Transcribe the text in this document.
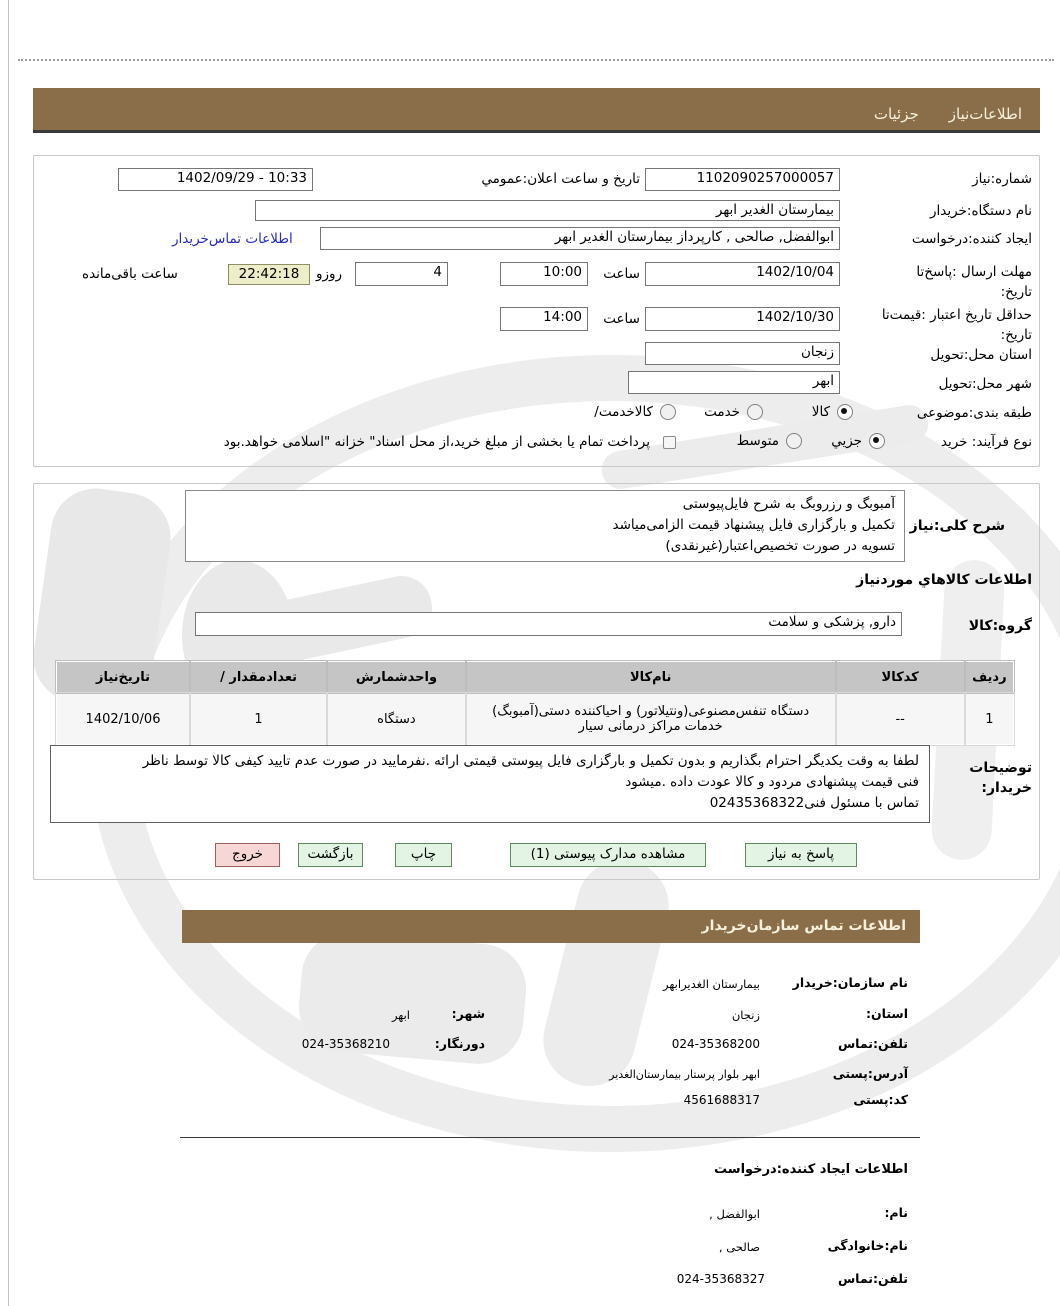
اطلاعات‌نیاز
جزئیات
شماره:نیاز
1102090257000057
تاریخ و ساعت اعلان:عمومي
1402/09/29 - 10:33
نام دستگاه:خریدار
بیمارستان الغدیر ابهر
ایجاد کننده:درخواست
ابوالفضل, صالحی , کارپرداز بیمارستان الغدیر ابهر
اطلاعات تماس‌خریدار
مهلت ارسال :پاسخ‌تا
تاریخ:
1402/10/04
ساعت
10:00
4
روزو
22:42:18
ساعت باقی‌مانده
حداقل تاریخ اعتبار :قیمت‌تا
تاریخ:
1402/10/30
ساعت
14:00
استان محل:تحویل
زنجان
شهر محل:تحویل
ابهر
طبقه بندی:موضوعی
کالا
خدمت
کالاخدمت/
نوع فرآیند: خرید
جزیي
متوسط
پرداخت تمام یا بخشی از مبلغ خرید،از محل اسناد" خزانه "اسلامی خواهد.بود
شرح کلی:نیاز
آمبوبگ و رزروبگ به شرح فایل‌پیوستی
تکمیل و بارگزاری فایل پیشنهاد قیمت الزامی‌میاشد
تسویه در صورت تخصیص‌اعتبار(غیرنقدی)
اطلاعات کالاهاي موردنیاز
گروه:کالا
دارو, پزشکی و سلامت
ردیف	کدکالا	نام‌کالا	واحدشمارش	تعدادمقدار /	تاریخ‌نیاز
1	--	دستگاه تنفس‌مصنوعی(ونتیلاتور) و احیاکننده دستی(آمبوبگ) خدمات مراکز درمانی سیار	دستگاه	1	1402/10/06
توضیحات
خریدار:
لطفا به وقت یکدیگر احترام بگذاریم و بدون تکمیل و بارگزاری فایل پیوستی قیمتی ارائه .نفرمایید در صورت عدم تایید کیفی کالا توسط ناظر
فنی قیمت پیشنهادی مردود و کالا عودت داده .میشود
تماس با مسئول فنی02435368322
پاسخ به نیاز
مشاهده مدارک پیوستی (1)
چاپ
بازگشت
خروج
اطلاعات تماس سازمان‌خریدار
نام سازمان:خریدار
بیمارستان الغدیرابهر
استان:
زنجان
شهر:
ابهر
تلفن:تماس
024-35368200
دورنگار:
024-35368210
آدرس:پستی
ابهر بلوار پرستار بیمارستان‌الغدیر
کد:پستی
4561688317
اطلاعات ایجاد کننده:درخواست
نام:
ابوالفضل ,
نام:خانوادگی
صالحی ,
تلفن:تماس
024-35368327
